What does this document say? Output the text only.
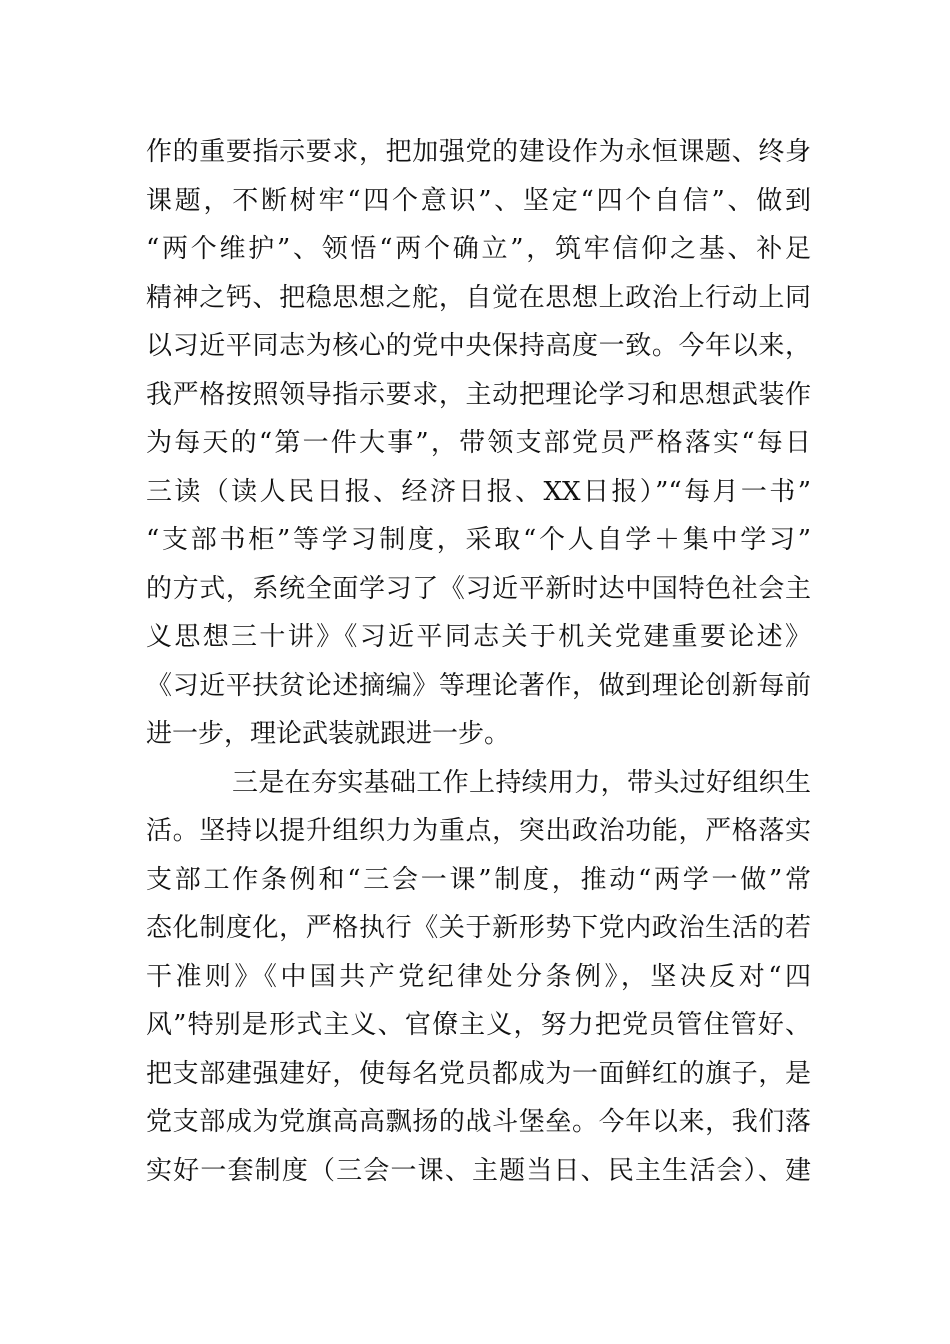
作的重要指示要求，把加强党的建设作为永恒课题、终身
课题，不断树牢“四个意识”、坚定“四个自信”、做到
“两个维护”、领悟“两个确立”，筑牢信仰之基、补足
精神之钙、把稳思想之舵，自觉在思想上政治上行动上同
以习近平同志为核心的党中央保持高度一致。今年以来，
我严格按照领导指示要求，主动把理论学习和思想武装作
为每天的“第一件大事”，带领支部党员严格落实“每日
三读（读人民日报、经济日报、XX日报）”“每月一书”
“支部书柜”等学习制度，采取“个人自学＋集中学习”
的方式，系统全面学习了《习近平新时达中国特色社会主
义思想三十讲》《习近平同志关于机关党建重要论述》
《习近平扶贫论述摘编》等理论著作，做到理论创新每前
进一步，理论武装就跟进一步。
三是在夯实基础工作上持续用力，带头过好组织生
活。坚持以提升组织力为重点，突出政治功能，严格落实
支部工作条例和“三会一课”制度，推动“两学一做”常
态化制度化，严格执行《关于新形势下党内政治生活的若
干准则》《中国共产党纪律处分条例》，坚决反对“四
风”特别是形式主义、官僚主义，努力把党员管住管好、
把支部建强建好，使每名党员都成为一面鲜红的旗子，是
党支部成为党旗高高飘扬的战斗堡垒。今年以来，我们落
实好一套制度（三会一课、主题当日、民主生活会）、建
